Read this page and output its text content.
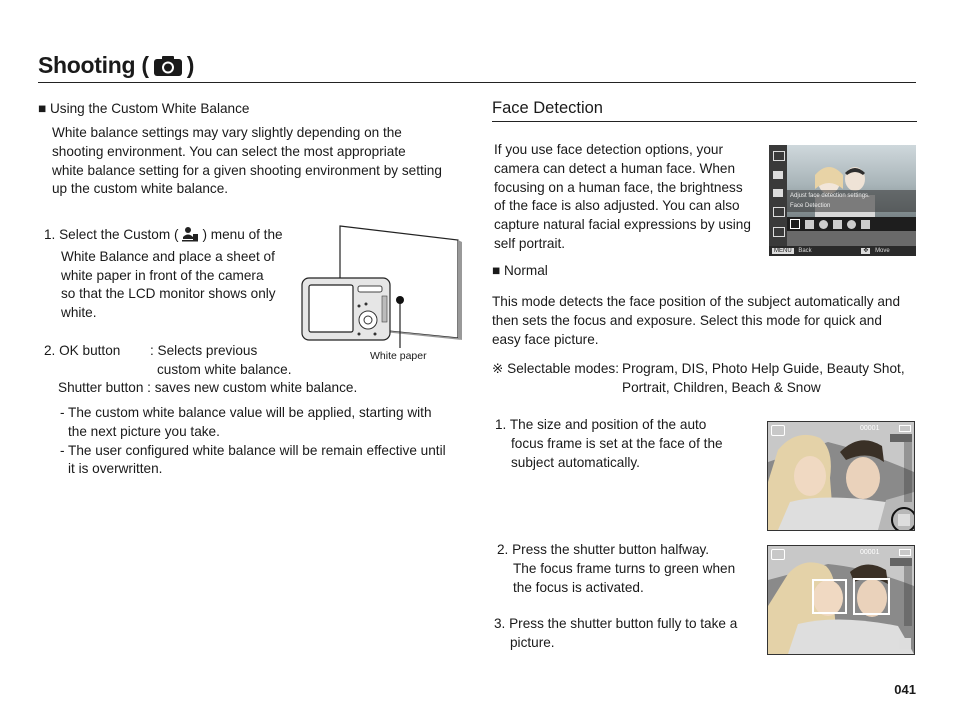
Shooting ( )
■ Using the Custom White Balance
White balance settings may vary slightly depending on the
shooting environment. You can select the most appropriate
white balance setting for a given shooting environment by setting
up the custom white balance.
1. Select the Custom ( ) menu of the
White Balance and place a sheet of
white paper in front of the camera
so that the LCD monitor shows only
white.
White paper
2. OK button : Selects previous
custom white balance.
Shutter button : saves new custom white balance.
- The custom white balance value will be applied, starting with
the next picture you take.
- The user configured white balance will be remain effective until
it is overwritten.
Face Detection
If you use face detection options, your
camera can detect a human face. When
focusing on a human face, the brightness
of the face is also adjusted. You can also
capture natural facial expressions by using
self portrait.
Adjust face detection settings.
Face Detection
MENU Back	✥ Move
■ Normal
This mode detects the face position of the subject automatically and
then sets the focus and exposure. Select this mode for quick and
easy face picture.
※ Selectable modes: Program, DIS, Photo Help Guide, Beauty Shot,
Portrait, Children, Beach & Snow
1. The size and position of the auto
focus frame is set at the face of the
subject automatically.
00001
2. Press the shutter button halfway.
The focus frame turns to green when
the focus is activated.
3. Press the shutter button fully to take a
picture.
00001
041
